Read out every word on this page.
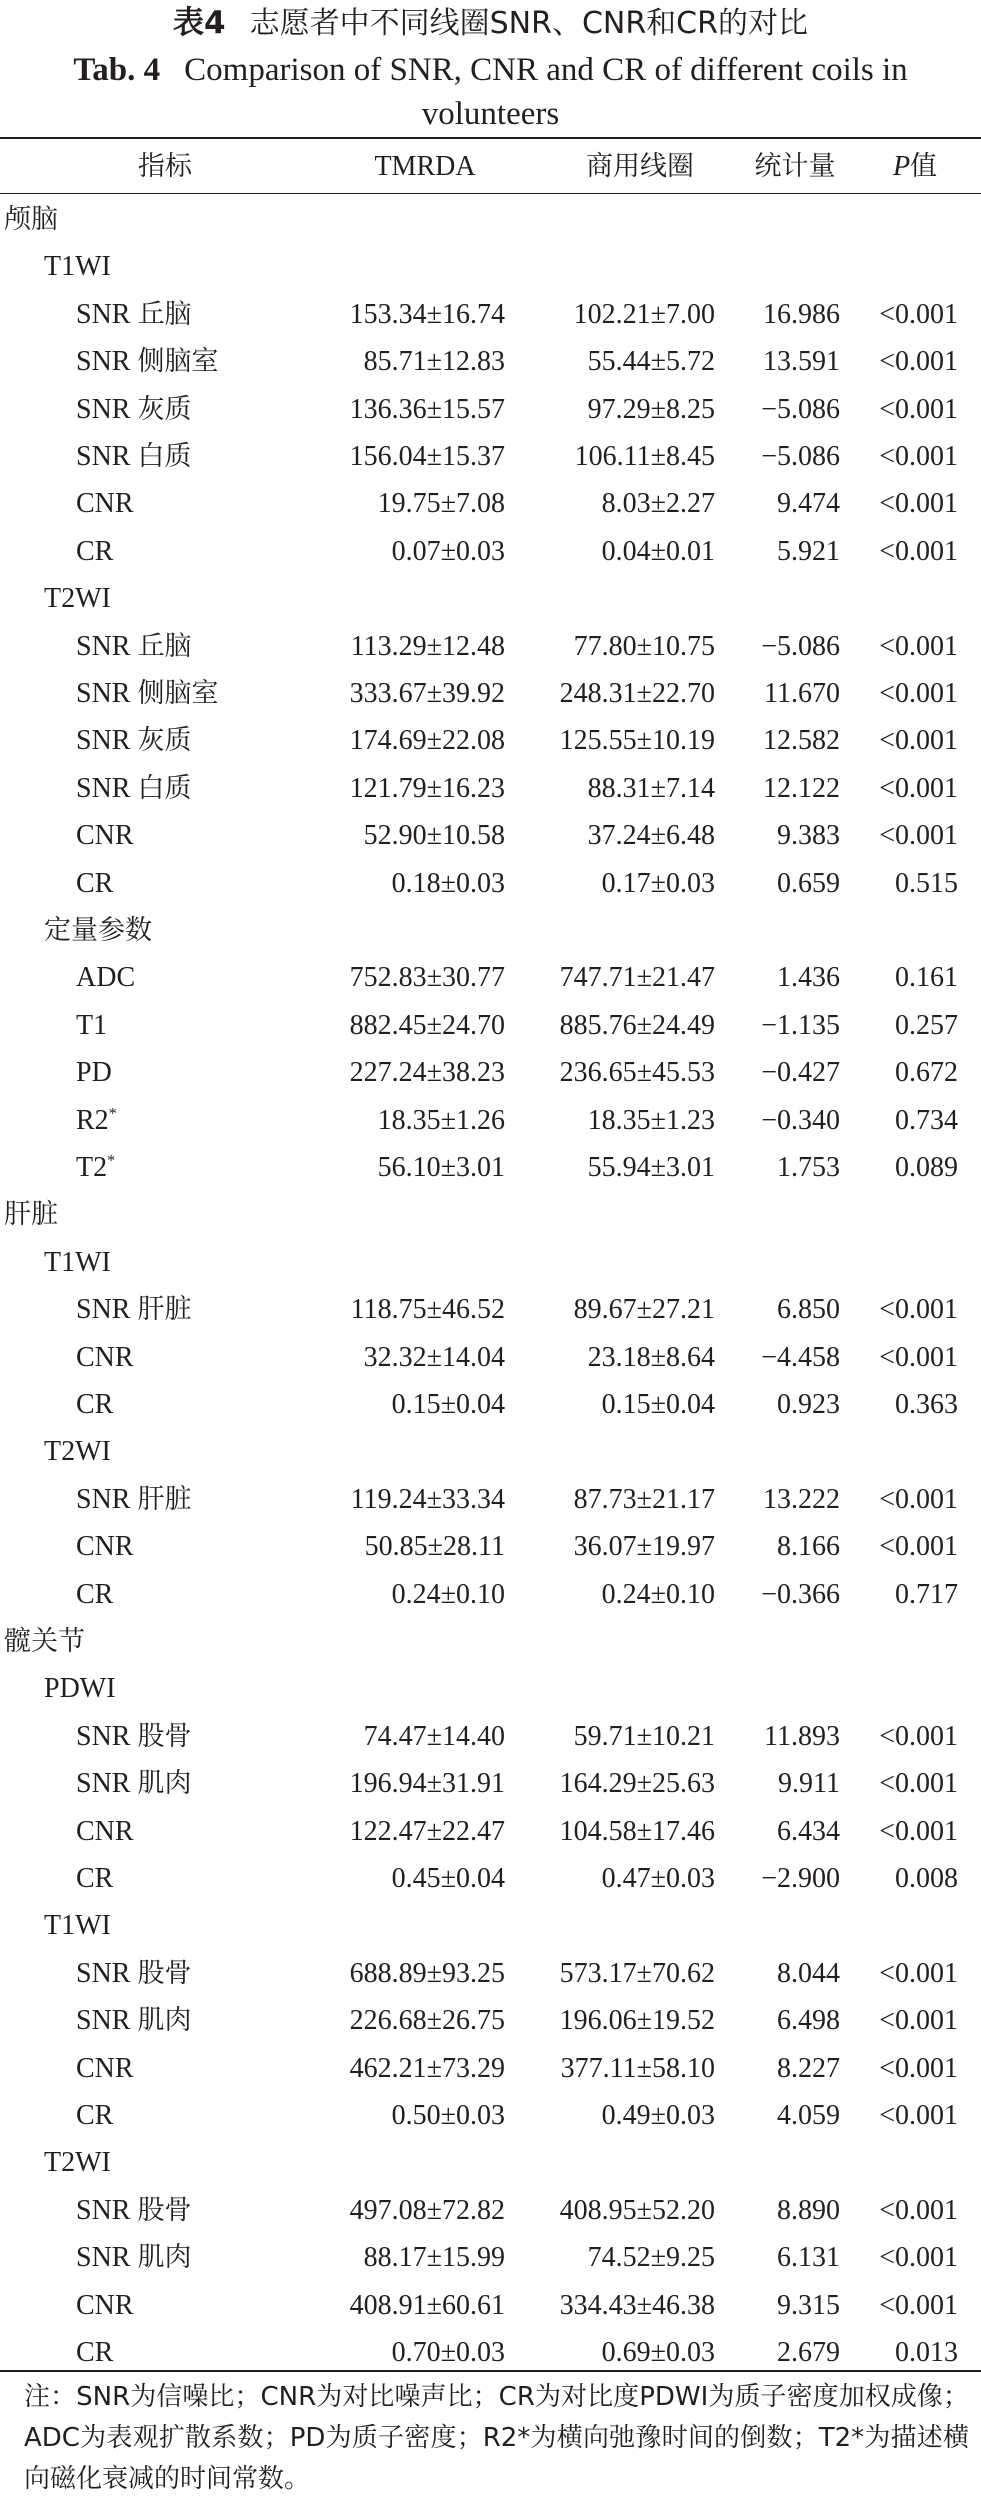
表4 志愿者中不同线圈SNR、CNR和CR的对比
Tab. 4 Comparison of SNR, CNR and CR of different coils in volunteers
指标	TMRDA	商用线圈	统计量	P值
颅脑
T1WI
SNR 丘脑	153.34±16.74	102.21±7.00	16.986	<0.001
SNR 侧脑室	85.71±12.83	55.44±5.72	13.591	<0.001
SNR 灰质	136.36±15.57	97.29±8.25	−5.086	<0.001
SNR 白质	156.04±15.37	106.11±8.45	−5.086	<0.001
CNR	19.75±7.08	8.03±2.27	9.474	<0.001
CR	0.07±0.03	0.04±0.01	5.921	<0.001
T2WI
SNR 丘脑	113.29±12.48	77.80±10.75	−5.086	<0.001
SNR 侧脑室	333.67±39.92	248.31±22.70	11.670	<0.001
SNR 灰质	174.69±22.08	125.55±10.19	12.582	<0.001
SNR 白质	121.79±16.23	88.31±7.14	12.122	<0.001
CNR	52.90±10.58	37.24±6.48	9.383	<0.001
CR	0.18±0.03	0.17±0.03	0.659	0.515
定量参数
ADC	752.83±30.77	747.71±21.47	1.436	0.161
T1	882.45±24.70	885.76±24.49	−1.135	0.257
PD	227.24±38.23	236.65±45.53	−0.427	0.672
R2*	18.35±1.26	18.35±1.23	−0.340	0.734
T2*	56.10±3.01	55.94±3.01	1.753	0.089
肝脏
T1WI
SNR 肝脏	118.75±46.52	89.67±27.21	6.850	<0.001
CNR	32.32±14.04	23.18±8.64	−4.458	<0.001
CR	0.15±0.04	0.15±0.04	0.923	0.363
T2WI
SNR 肝脏	119.24±33.34	87.73±21.17	13.222	<0.001
CNR	50.85±28.11	36.07±19.97	8.166	<0.001
CR	0.24±0.10	0.24±0.10	−0.366	0.717
髋关节
PDWI
SNR 股骨	74.47±14.40	59.71±10.21	11.893	<0.001
SNR 肌肉	196.94±31.91	164.29±25.63	9.911	<0.001
CNR	122.47±22.47	104.58±17.46	6.434	<0.001
CR	0.45±0.04	0.47±0.03	−2.900	0.008
T1WI
SNR 股骨	688.89±93.25	573.17±70.62	8.044	<0.001
SNR 肌肉	226.68±26.75	196.06±19.52	6.498	<0.001
CNR	462.21±73.29	377.11±58.10	8.227	<0.001
CR	0.50±0.03	0.49±0.03	4.059	<0.001
T2WI
SNR 股骨	497.08±72.82	408.95±52.20	8.890	<0.001
SNR 肌肉	88.17±15.99	74.52±9.25	6.131	<0.001
CNR	408.91±60.61	334.43±46.38	9.315	<0.001
CR	0.70±0.03	0.69±0.03	2.679	0.013
注：SNR为信噪比；CNR为对比噪声比；CR为对比度PDWI为质子密度加权成像；ADC为表观扩散系数；PD为质子密度；R2*为横向弛豫时间的倒数；T2*为描述横向磁化衰减的时间常数。
